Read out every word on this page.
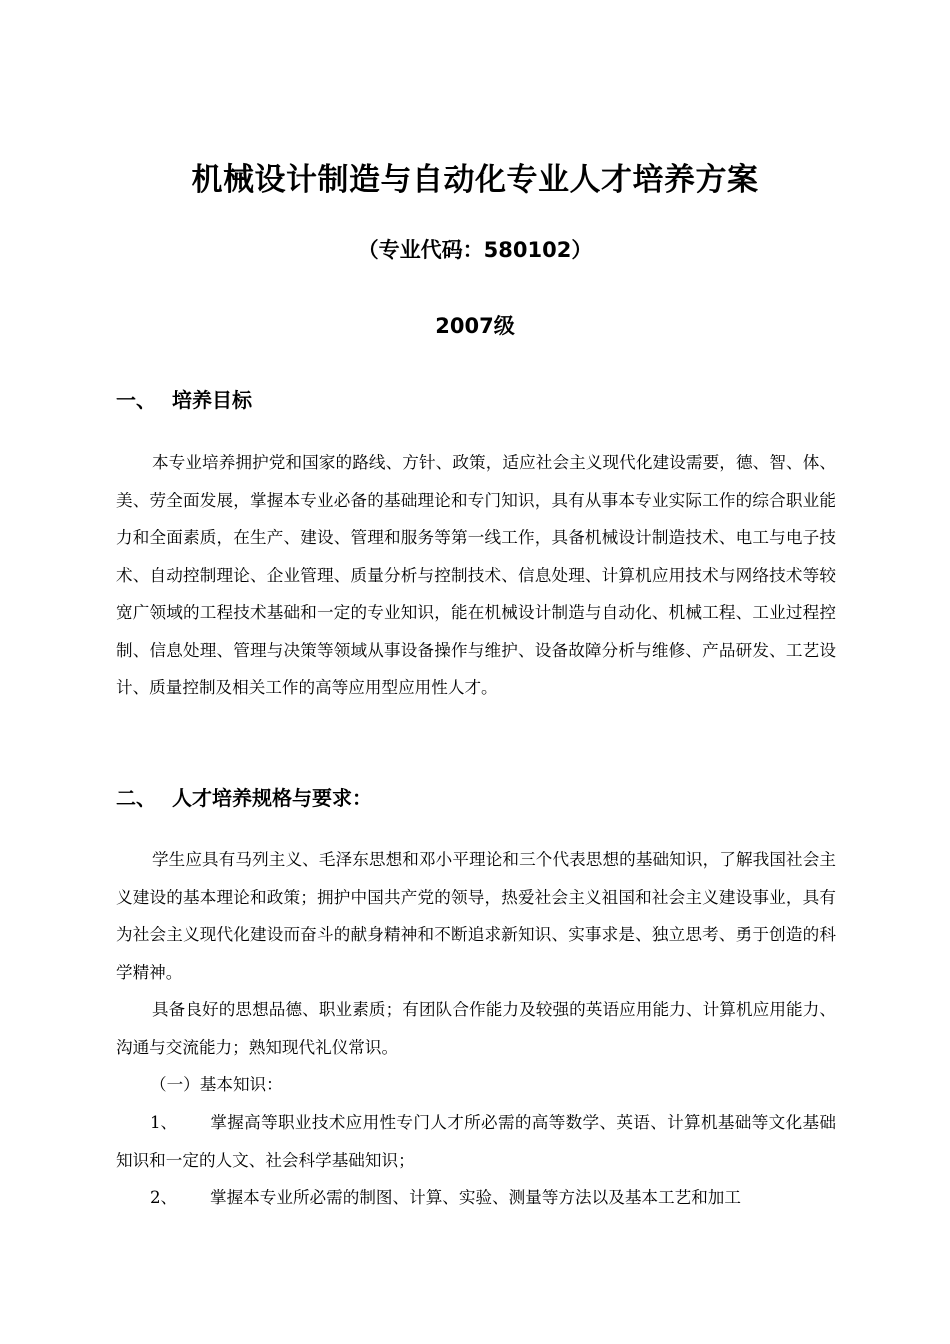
机械设计制造与自动化专业人才培养方案
（专业代码：580102）
2007级
一、 培养目标
本专业培养拥护党和国家的路线、方针、政策，适应社会主义现代化建设需要，德、智、体、美、劳全面发展，掌握本专业必备的基础理论和专门知识，具有从事本专业实际工作的综合职业能力和全面素质，在生产、建设、管理和服务等第一线工作，具备机械设计制造技术、电工与电子技术、自动控制理论、企业管理、质量分析与控制技术、信息处理、计算机应用技术与网络技术等较宽广领域的工程技术基础和一定的专业知识，能在机械设计制造与自动化、机械工程、工业过程控制、信息处理、管理与决策等领域从事设备操作与维护、设备故障分析与维修、产品研发、工艺设计、质量控制及相关工作的高等应用型应用性人才。
二、 人才培养规格与要求：
学生应具有马列主义、毛泽东思想和邓小平理论和三个代表思想的基础知识，了解我国社会主义建设的基本理论和政策；拥护中国共产党的领导，热爱社会主义祖国和社会主义建设事业，具有为社会主义现代化建设而奋斗的献身精神和不断追求新知识、实事求是、独立思考、勇于创造的科学精神。
具备良好的思想品德、职业素质；有团队合作能力及较强的英语应用能力、计算机应用能力、沟通与交流能力；熟知现代礼仪常识。
（一）基本知识：
1、 掌握高等职业技术应用性专门人才所必需的高等数学、英语、计算机基础等文化基础知识和一定的人文、社会科学基础知识；
2、 掌握本专业所必需的制图、计算、实验、测量等方法以及基本工艺和加工
